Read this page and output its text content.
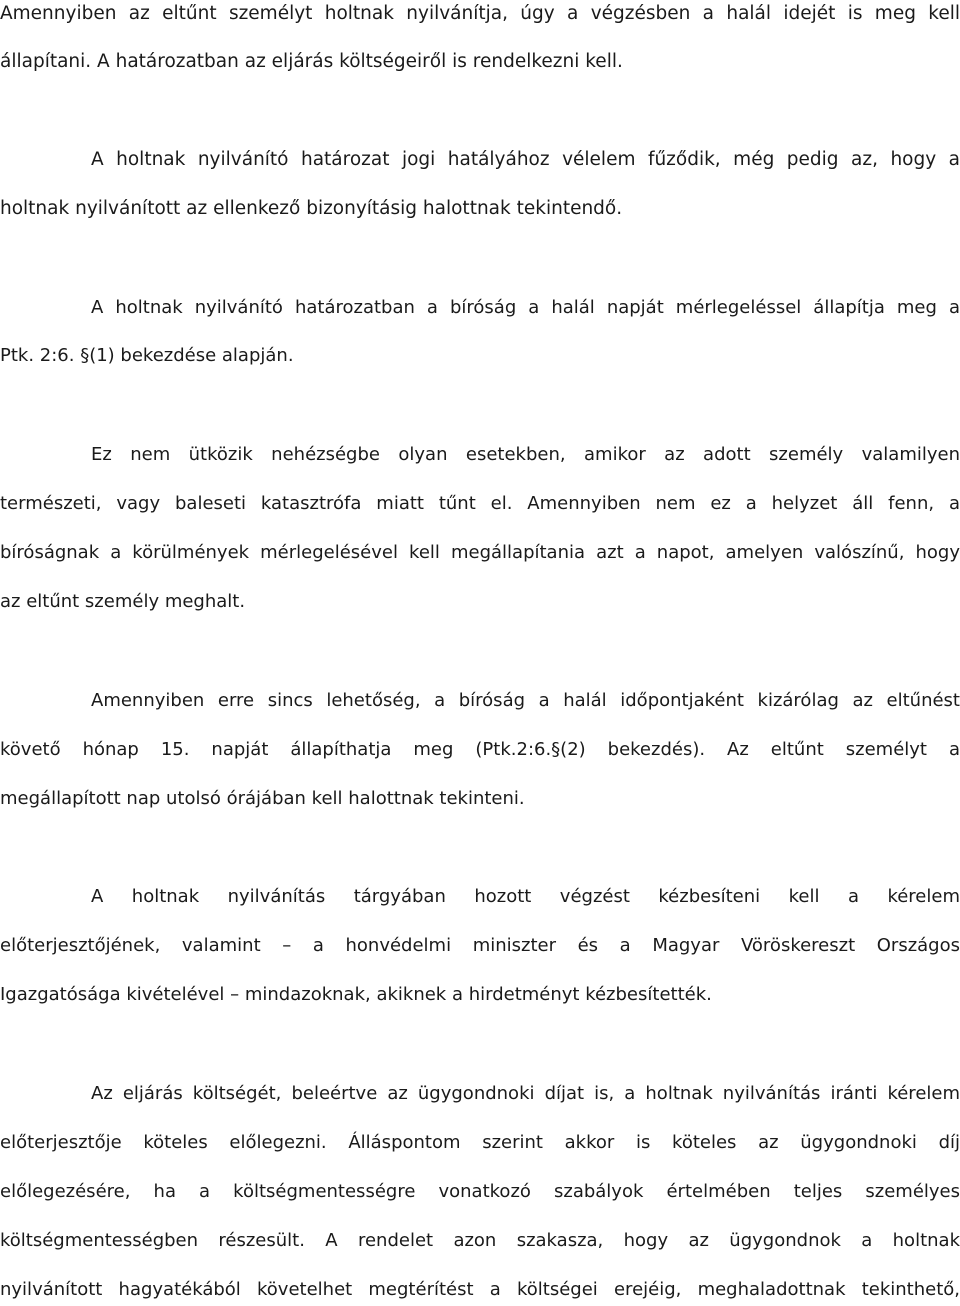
Amennyiben az eltűnt személyt holtnak nyilvánítja, úgy a végzésben a halál idejét is meg kell
állapítani. A határozatban az eljárás költségeiről is rendelkezni kell.
A holtnak nyilvánító határozat jogi hatályához vélelem fűződik, még pedig az, hogy a
holtnak nyilvánított az ellenkező bizonyításig halottnak tekintendő.
A holtnak nyilvánító határozatban a bíróság a halál napját mérlegeléssel állapítja meg a
Ptk. 2:6. §(1) bekezdése alapján.
Ez nem ütközik nehézségbe olyan esetekben, amikor az adott személy valamilyen
természeti, vagy baleseti katasztrófa miatt tűnt el. Amennyiben nem ez a helyzet áll fenn, a
bíróságnak a körülmények mérlegelésével kell megállapítania azt a napot, amelyen valószínű, hogy
az eltűnt személy meghalt.
Amennyiben erre sincs lehetőség, a bíróság a halál időpontjaként kizárólag az eltűnést
követő hónap 15. napját állapíthatja meg (Ptk.2:6.§(2) bekezdés). Az eltűnt személyt a
megállapított nap utolsó órájában kell halottnak tekinteni.
A holtnak nyilvánítás tárgyában hozott végzést kézbesíteni kell a kérelem
előterjesztőjének, valamint – a honvédelmi miniszter és a Magyar Vöröskereszt Országos
Igazgatósága kivételével – mindazoknak, akiknek a hirdetményt kézbesítették.
Az eljárás költségét, beleértve az ügygondnoki díjat is, a holtnak nyilvánítás iránti kérelem
előterjesztője köteles előlegezni. Álláspontom szerint akkor is köteles az ügygondnoki díj
előlegezésére, ha a költségmentességre vonatkozó szabályok értelmében teljes személyes
költségmentességben részesült. A rendelet azon szakasza, hogy az ügygondnok a holtnak
nyilvánított hagyatékából követelhet megtérítést a költségei erejéig, meghaladottnak tekinthető,
